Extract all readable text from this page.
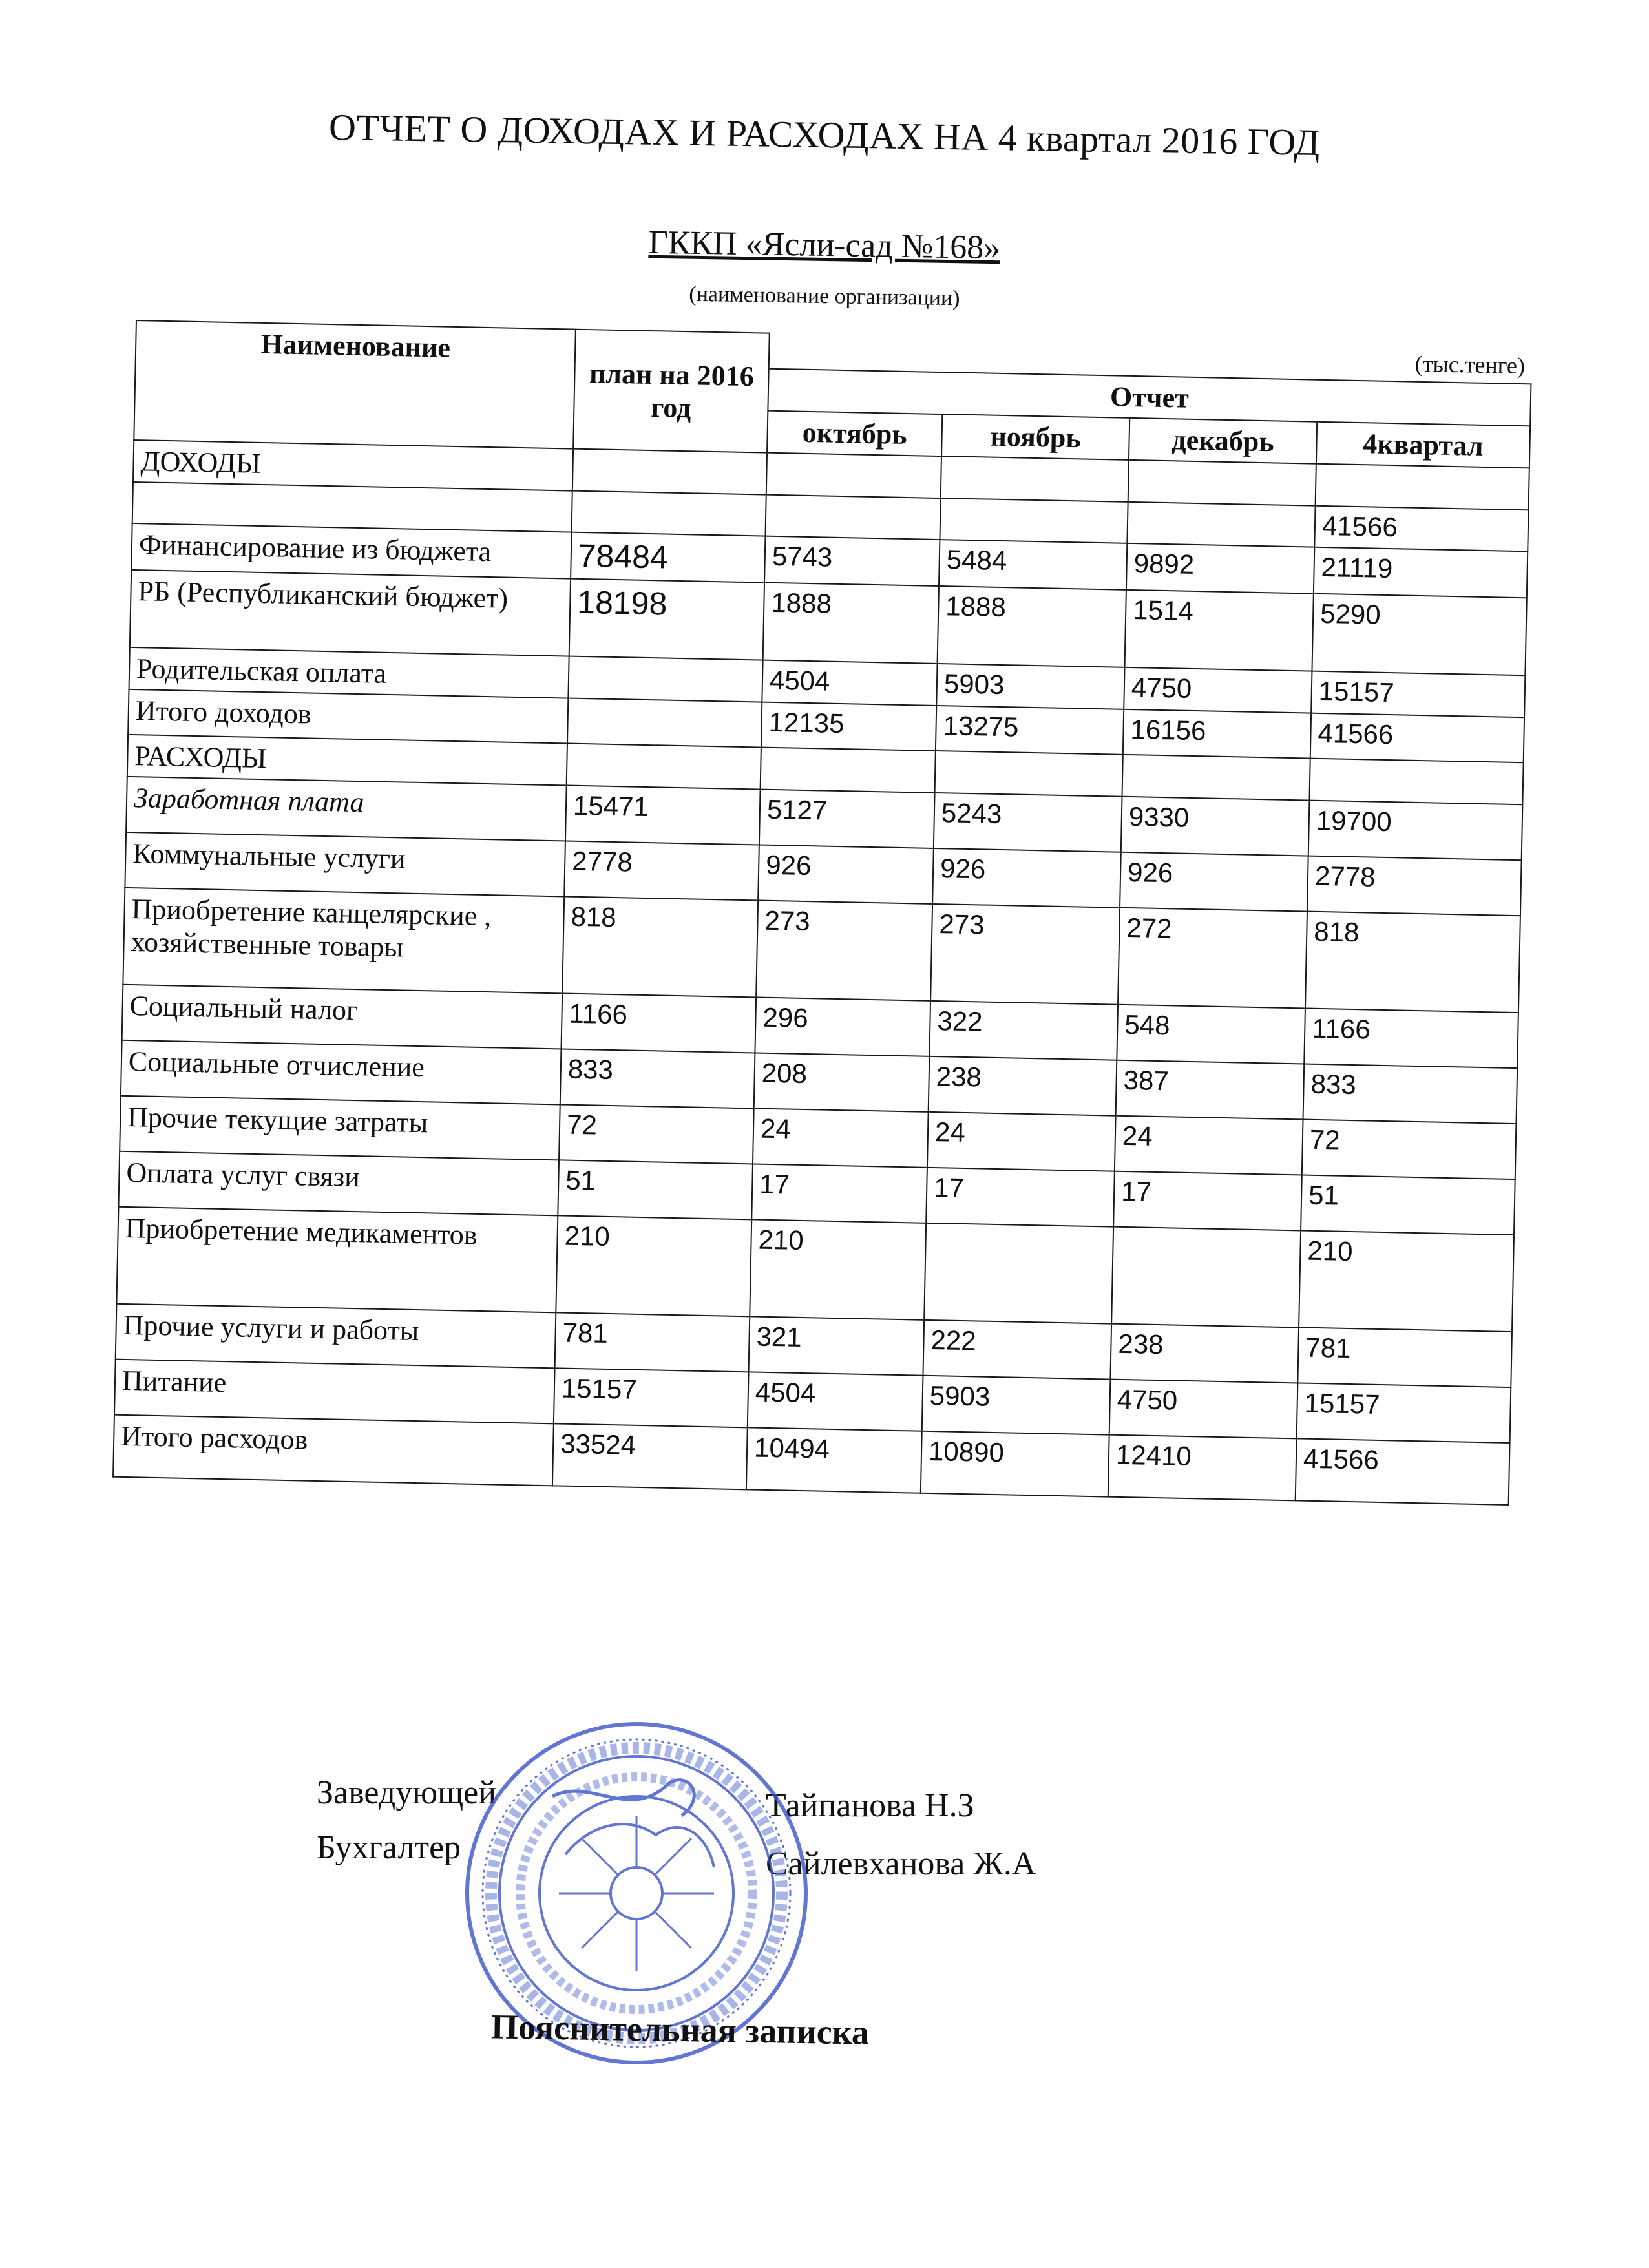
ОТЧЕТ О ДОХОДАХ И РАСХОДАХ НА 4 квартал 2016 ГОД
ГККП «Ясли-сад №168»
(наименование организации)
Наименование	план на 2016 год	(тыс.тенге)			
		Отчет			
		октябрь	ноябрь	декабрь	4квартал
ДОХОДЫ					
					41566
Финансирование из бюджета	78484	5743	5484	9892	21119
РБ (Республиканский бюджет)	18198	1888	1888	1514	5290
Родительская оплата		4504	5903	4750	15157
Итого доходов		12135	13275	16156	41566
РАСХОДЫ					
Заработная плата	15471	5127	5243	9330	19700
Коммунальные услуги	2778	926	926	926	2778
Приобретение канцелярские , хозяйственные товары	818	273	273	272	818
Социальный налог	1166	296	322	548	1166
Социальные отчисление	833	208	238	387	833
Прочие текущие затраты	72	24	24	24	72
Оплата услуг связи	51	17	17	17	51
Приобретение медикаментов	210	210			210
Прочие услуги и работы	781	321	222	238	781
Питание	15157	4504	5903	4750	15157
Итого расходов	33524	10494	10890	12410	41566
Заведующей	Тайпанова Н.З
Бухгалтер	Сайлевханова Ж.А
Пояснительная записка
